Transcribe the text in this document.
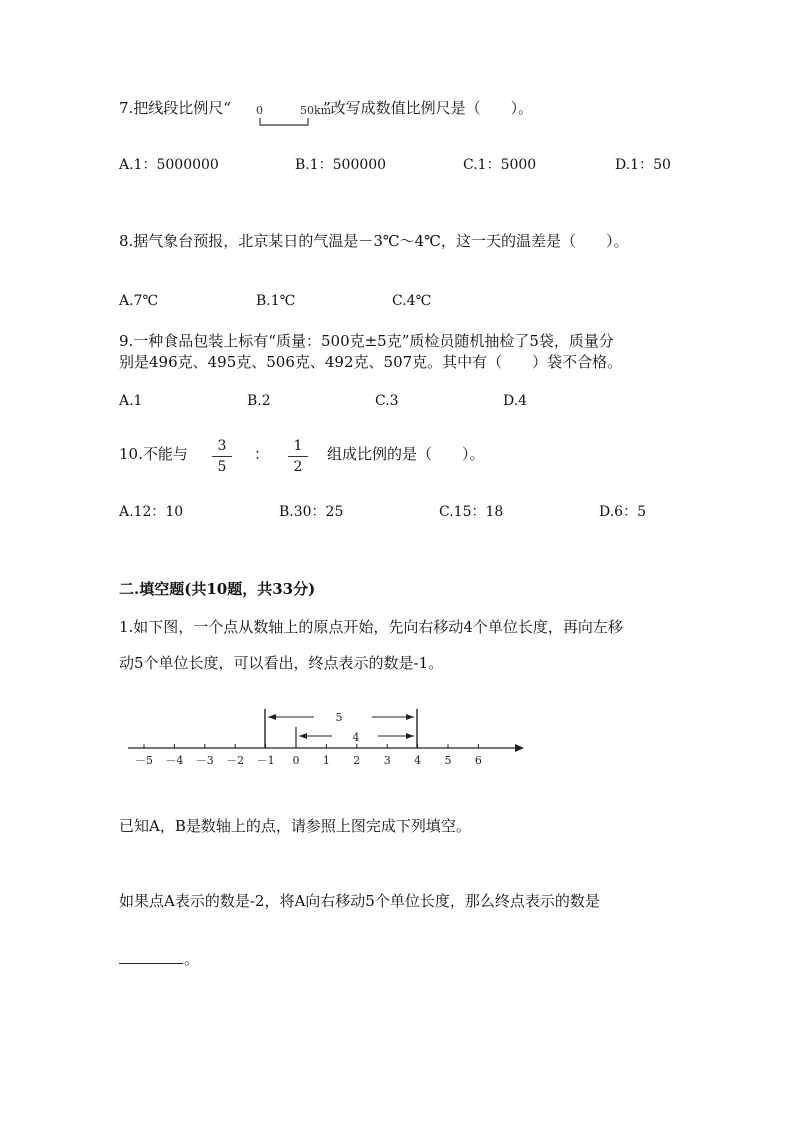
7.把线段比例尺“	”改写成数值比例尺是（　　）。
0	50km
A.1：5000000	B.1：500000	C.1：5000	D.1：50
8.据气象台预报，北京某日的气温是－3℃～4℃，这一天的温差是（　　）。
A.7℃	B.1℃	C.4℃
9.一种食品包装上标有“质量：500克±5克”质检员随机抽检了5袋，质量分
别是496克、495克、506克、492克、507克。其中有（　　）袋不合格。
A.1	B.2	C.3	D.4
10.不能与	3
5
：	1
2
组成比例的是（　　）。
A.12：10	B.30：25	C.15：18	D.6：5
二.填空题(共10题，共33分)
1.如下图，一个点从数轴上的原点开始，先向右移动4个单位长度，再向左移
动5个单位长度，可以看出，终点表示的数是-1。
－5 －4 －3 －2 －1 0 1 2 3 4 5 6
5
4
已知A，B是数轴上的点，请参照上图完成下列填空。
如果点A表示的数是-2，将A向右移动5个单位长度，那么终点表示的数是
。
